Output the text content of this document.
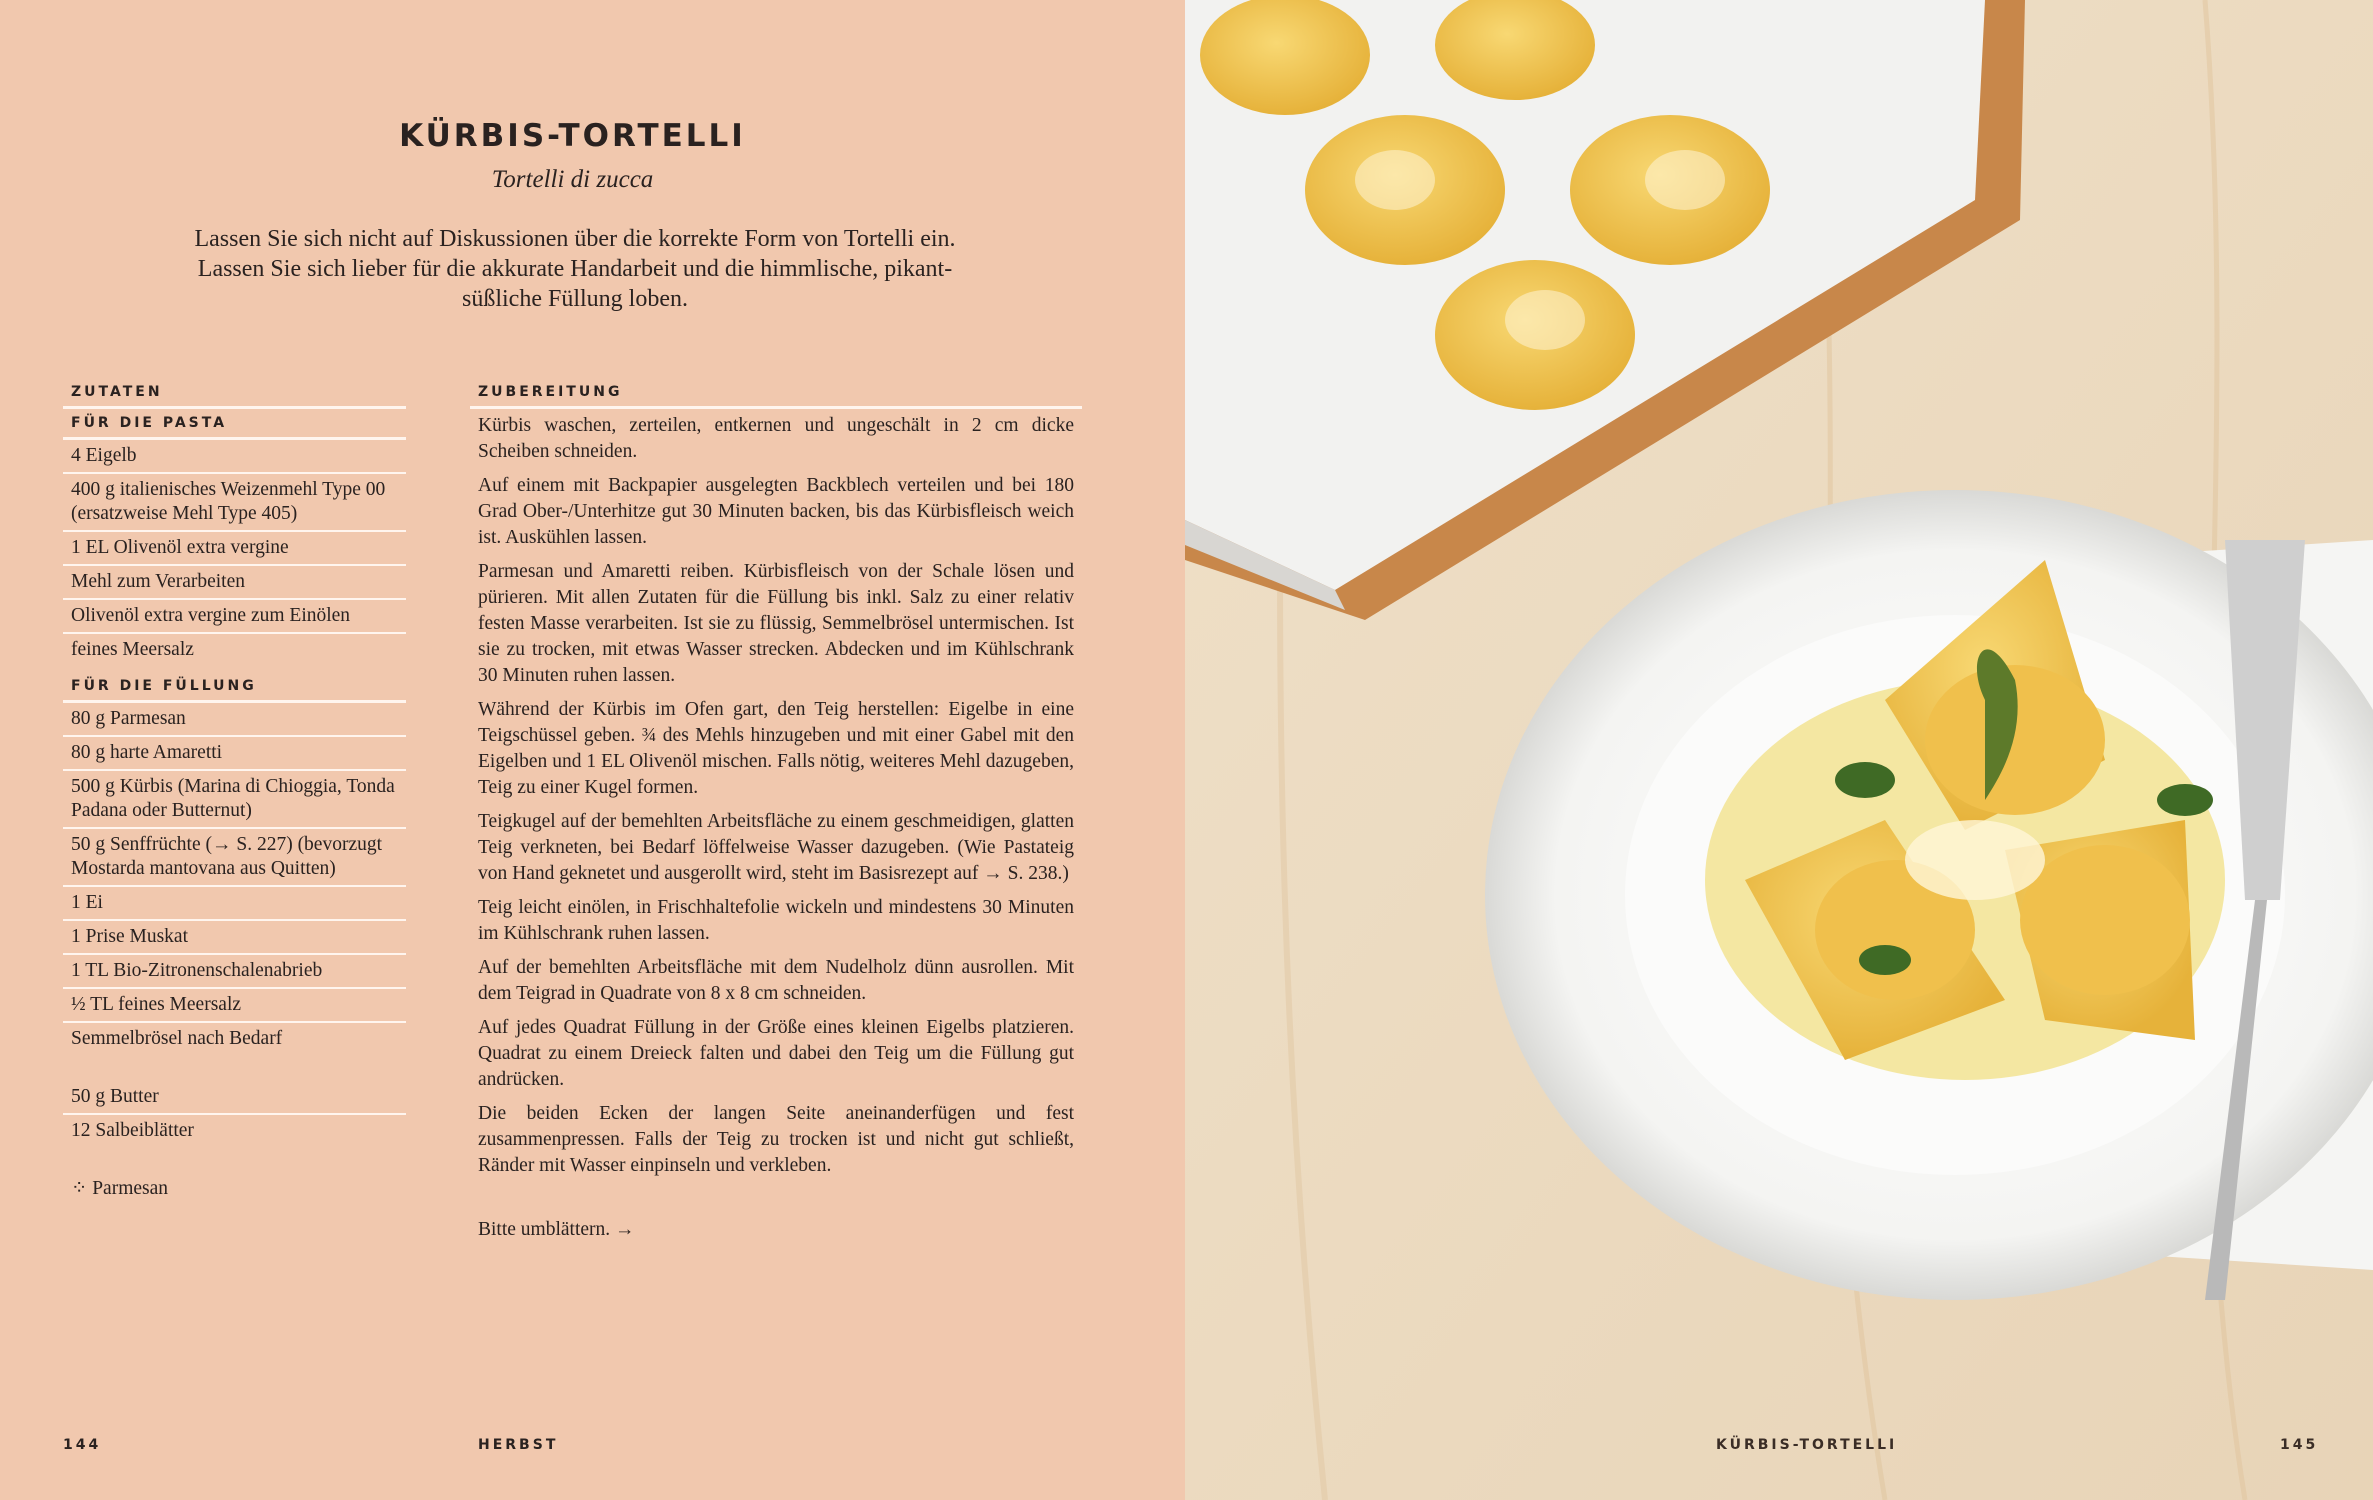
KÜRBIS-TORTELLI
Tortelli di zucca
Lassen Sie sich nicht auf Diskussionen über die korrekte Form von Tortelli ein. Lassen Sie sich lieber für die akkurate Handarbeit und die himmlische, pikant-süßliche Füllung loben.
ZUTATEN
FÜR DIE PASTA
4 Eigelb
400 g italienisches Weizenmehl Type 00 (ersatzweise Mehl Type 405)
1 EL Olivenöl extra vergine
Mehl zum Verarbeiten
Olivenöl extra vergine zum Einölen
feines Meersalz
FÜR DIE FÜLLUNG
80 g Parmesan
80 g harte Amaretti
500 g Kürbis (Marina di Chioggia, Tonda Padana oder Butternut)
50 g Senffrüchte (→ S. 227) (bevorzugt Mostarda mantovana aus Quitten)
1 Ei
1 Prise Muskat
1 TL Bio-Zitronenschalenabrieb
½ TL feines Meersalz
Semmelbrösel nach Bedarf
50 g Butter
12 Salbeiblätter
⁘ Parmesan
ZUBEREITUNG
Kürbis waschen, zerteilen, entkernen und ungeschält in 2 cm dicke Scheiben schneiden.
Auf einem mit Backpapier ausgelegten Backblech verteilen und bei 180 Grad Ober-/Unterhitze gut 30 Minuten backen, bis das Kürbisfleisch weich ist. Auskühlen lassen.
Parmesan und Amaretti reiben. Kürbisfleisch von der Schale lösen und pürieren. Mit allen Zutaten für die Füllung bis inkl. Salz zu einer relativ festen Masse verarbeiten. Ist sie zu flüssig, Semmelbrösel untermischen. Ist sie zu trocken, mit etwas Wasser strecken. Abdecken und im Kühlschrank 30 Minuten ruhen lassen.
Während der Kürbis im Ofen gart, den Teig herstellen: Eigelbe in eine Teigschüssel geben. ¾ des Mehls hinzugeben und mit einer Gabel mit den Eigelben und 1 EL Olivenöl mischen. Falls nötig, weiteres Mehl dazugeben, Teig zu einer Kugel formen.
Teigkugel auf der bemehlten Arbeitsfläche zu einem geschmeidigen, glatten Teig verkneten, bei Bedarf löffelweise Wasser dazugeben. (Wie Pastateig von Hand geknetet und ausgerollt wird, steht im Basisrezept auf → S. 238.)
Teig leicht einölen, in Frischhaltefolie wickeln und mindestens 30 Minuten im Kühlschrank ruhen lassen.
Auf der bemehlten Arbeitsfläche mit dem Nudelholz dünn ausrollen. Mit dem Teigrad in Quadrate von 8 x 8 cm schneiden.
Auf jedes Quadrat Füllung in der Größe eines kleinen Eigelbs platzieren. Quadrat zu einem Dreieck falten und dabei den Teig um die Füllung gut andrücken.
Die beiden Ecken der langen Seite aneinanderfügen und fest zusammenpressen. Falls der Teig zu trocken ist und nicht gut schließt, Ränder mit Wasser einpinseln und verkleben.
Bitte umblättern. →
144	HERBST	KÜRBIS-TORTELLI	145
